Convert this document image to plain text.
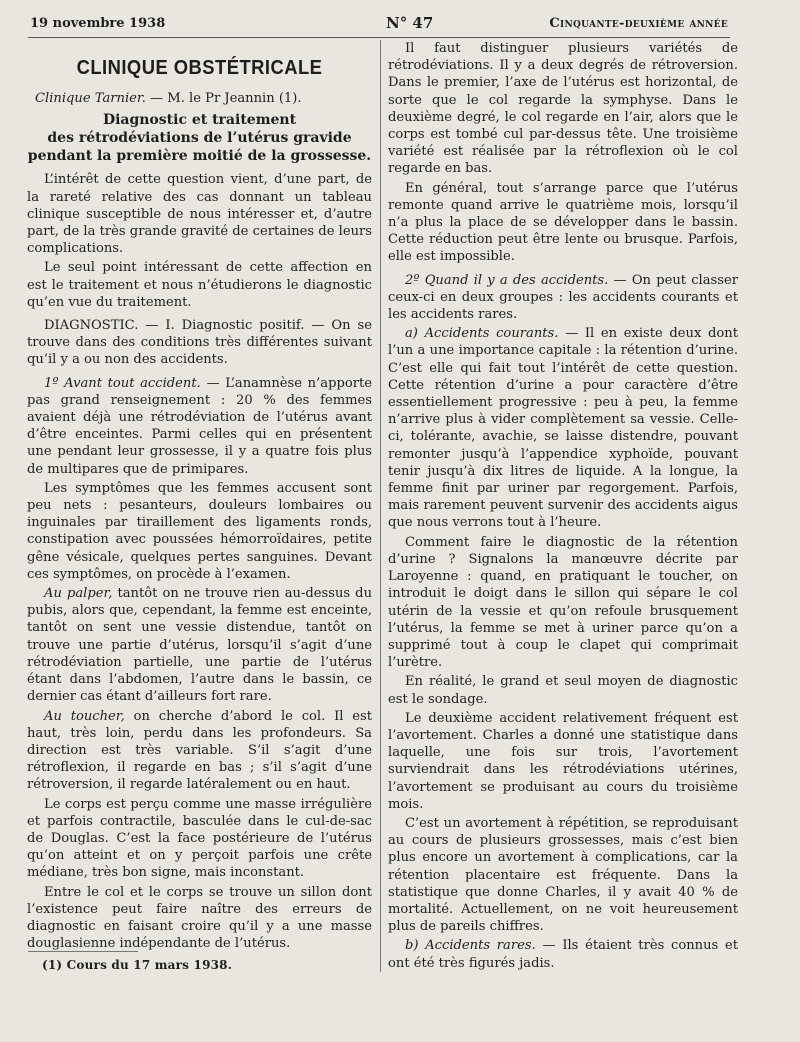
19 novembre 1938	N° 47	Cinquante-deuxième année
CLINIQUE OBSTÉTRICALE

Clinique Tarnier. — M. le Pr Jeannin (1).

Diagnostic et traitement
des rétrodéviations de l’utérus gravide
pendant la première moitié de la grossesse.

L’intérêt de cette question vient, d’une part, de la rareté relative des cas donnant un tableau clinique susceptible de nous intéresser et, d’autre part, de la très grande gravité de certaines de leurs complications.

Le seul point intéressant de cette affection en est le traitement et nous n’étudierons le diagnostic qu’en vue du traitement.

DIAGNOSTIC. — I. Diagnostic positif. — On se trouve dans des conditions très différentes suivant qu’il y a ou non des accidents.

1º Avant tout accident. — L’anamnèse n’apporte pas grand renseignement : 20 % des femmes avaient déjà une rétrodéviation de l’utérus avant d’être enceintes. Parmi celles qui en présentent une pendant leur grossesse, il y a quatre fois plus de multipares que de primipares.

Les symptômes que les femmes accusent sont peu nets : pesanteurs, douleurs lombaires ou inguinales par tiraillement des ligaments ronds, constipation avec poussées hémorroïdaires, petite gêne vésicale, quelques pertes sanguines. Devant ces symptômes, on procède à l’examen.

Au palper, tantôt on ne trouve rien au-dessus du pubis, alors que, cependant, la femme est enceinte, tantôt on sent une vessie distendue, tantôt on trouve une partie d’utérus, lorsqu’il s’agit d’une rétrodéviation partielle, une partie de l’utérus étant dans l’abdomen, l’autre dans le bassin, ce dernier cas étant d’ailleurs fort rare.

Au toucher, on cherche d’abord le col. Il est haut, très loin, perdu dans les profondeurs. Sa direction est très variable. S’il s’agit d’une rétroflexion, il regarde en bas ; s’il s’agit d’une rétroversion, il regarde latéralement ou en haut.

Le corps est perçu comme une masse irrégulière et parfois contractile, basculée dans le cul-de-sac de Douglas. C’est la face postérieure de l’utérus qu’on atteint et on y perçoit parfois une crête médiane, très bon signe, mais inconstant.

Entre le col et le corps se trouve un sillon dont l’existence peut faire naître des erreurs de diagnostic en faisant croire qu’il y a une masse douglasienne indépendante de l’utérus.

Il faut distinguer plusieurs variétés de rétrodéviations. Il y a deux degrés de rétroversion. Dans le premier, l’axe de l’utérus est horizontal, de sorte que le col regarde la symphyse. Dans le deuxième degré, le col regarde en l’air, alors que le corps est tombé cul par-dessus tête. Une troisième variété est réalisée par la rétroflexion où le col regarde en bas.

En général, tout s’arrange parce que l’utérus remonte quand arrive le quatrième mois, lorsqu’il n’a plus la place de se développer dans le bassin. Cette réduction peut être lente ou brusque. Parfois, elle est impossible.

2º Quand il y a des accidents. — On peut classer ceux-ci en deux groupes : les accidents courants et les accidents rares.

a) Accidents courants. — Il en existe deux dont l’un a une importance capitale : la rétention d’urine. C’est elle qui fait tout l’intérêt de cette question. Cette rétention d’urine a pour caractère d’être essentiellement progressive : peu à peu, la femme n’arrive plus à vider complètement sa vessie. Celle-ci, tolérante, avachie, se laisse distendre, pouvant remonter jusqu’à l’appendice xyphoïde, pouvant tenir jusqu’à dix litres de liquide. A la longue, la femme finit par uriner par regorgement. Parfois, mais rarement peuvent survenir des accidents aigus que nous verrons tout à l’heure.

Comment faire le diagnostic de la rétention d’urine ? Signalons la manœuvre décrite par Laroyenne : quand, en pratiquant le toucher, on introduit le doigt dans le sillon qui sépare le col utérin de la vessie et qu’on refoule brusquement l’utérus, la femme se met à uriner parce qu’on a supprimé tout à coup le clapet qui comprimait l’urètre.

En réalité, le grand et seul moyen de diagnostic est le sondage.

Le deuxième accident relativement fréquent est l’avortement. Charles a donné une statistique dans laquelle, une fois sur trois, l’avortement surviendrait dans les rétrodéviations utérines, l’avortement se produisant au cours du troisième mois.

C’est un avortement à répétition, se reproduisant au cours de plusieurs grossesses, mais c’est bien plus encore un avortement à complications, car la rétention placentaire est fréquente. Dans la statistique que donne Charles, il y avait 40 % de mortalité. Actuellement, on ne voit heureusement plus de pareils chiffres.

b) Accidents rares. — Ils étaient très connus et ont été très figurés jadis.

(1) Cours du 17 mars 1938.
